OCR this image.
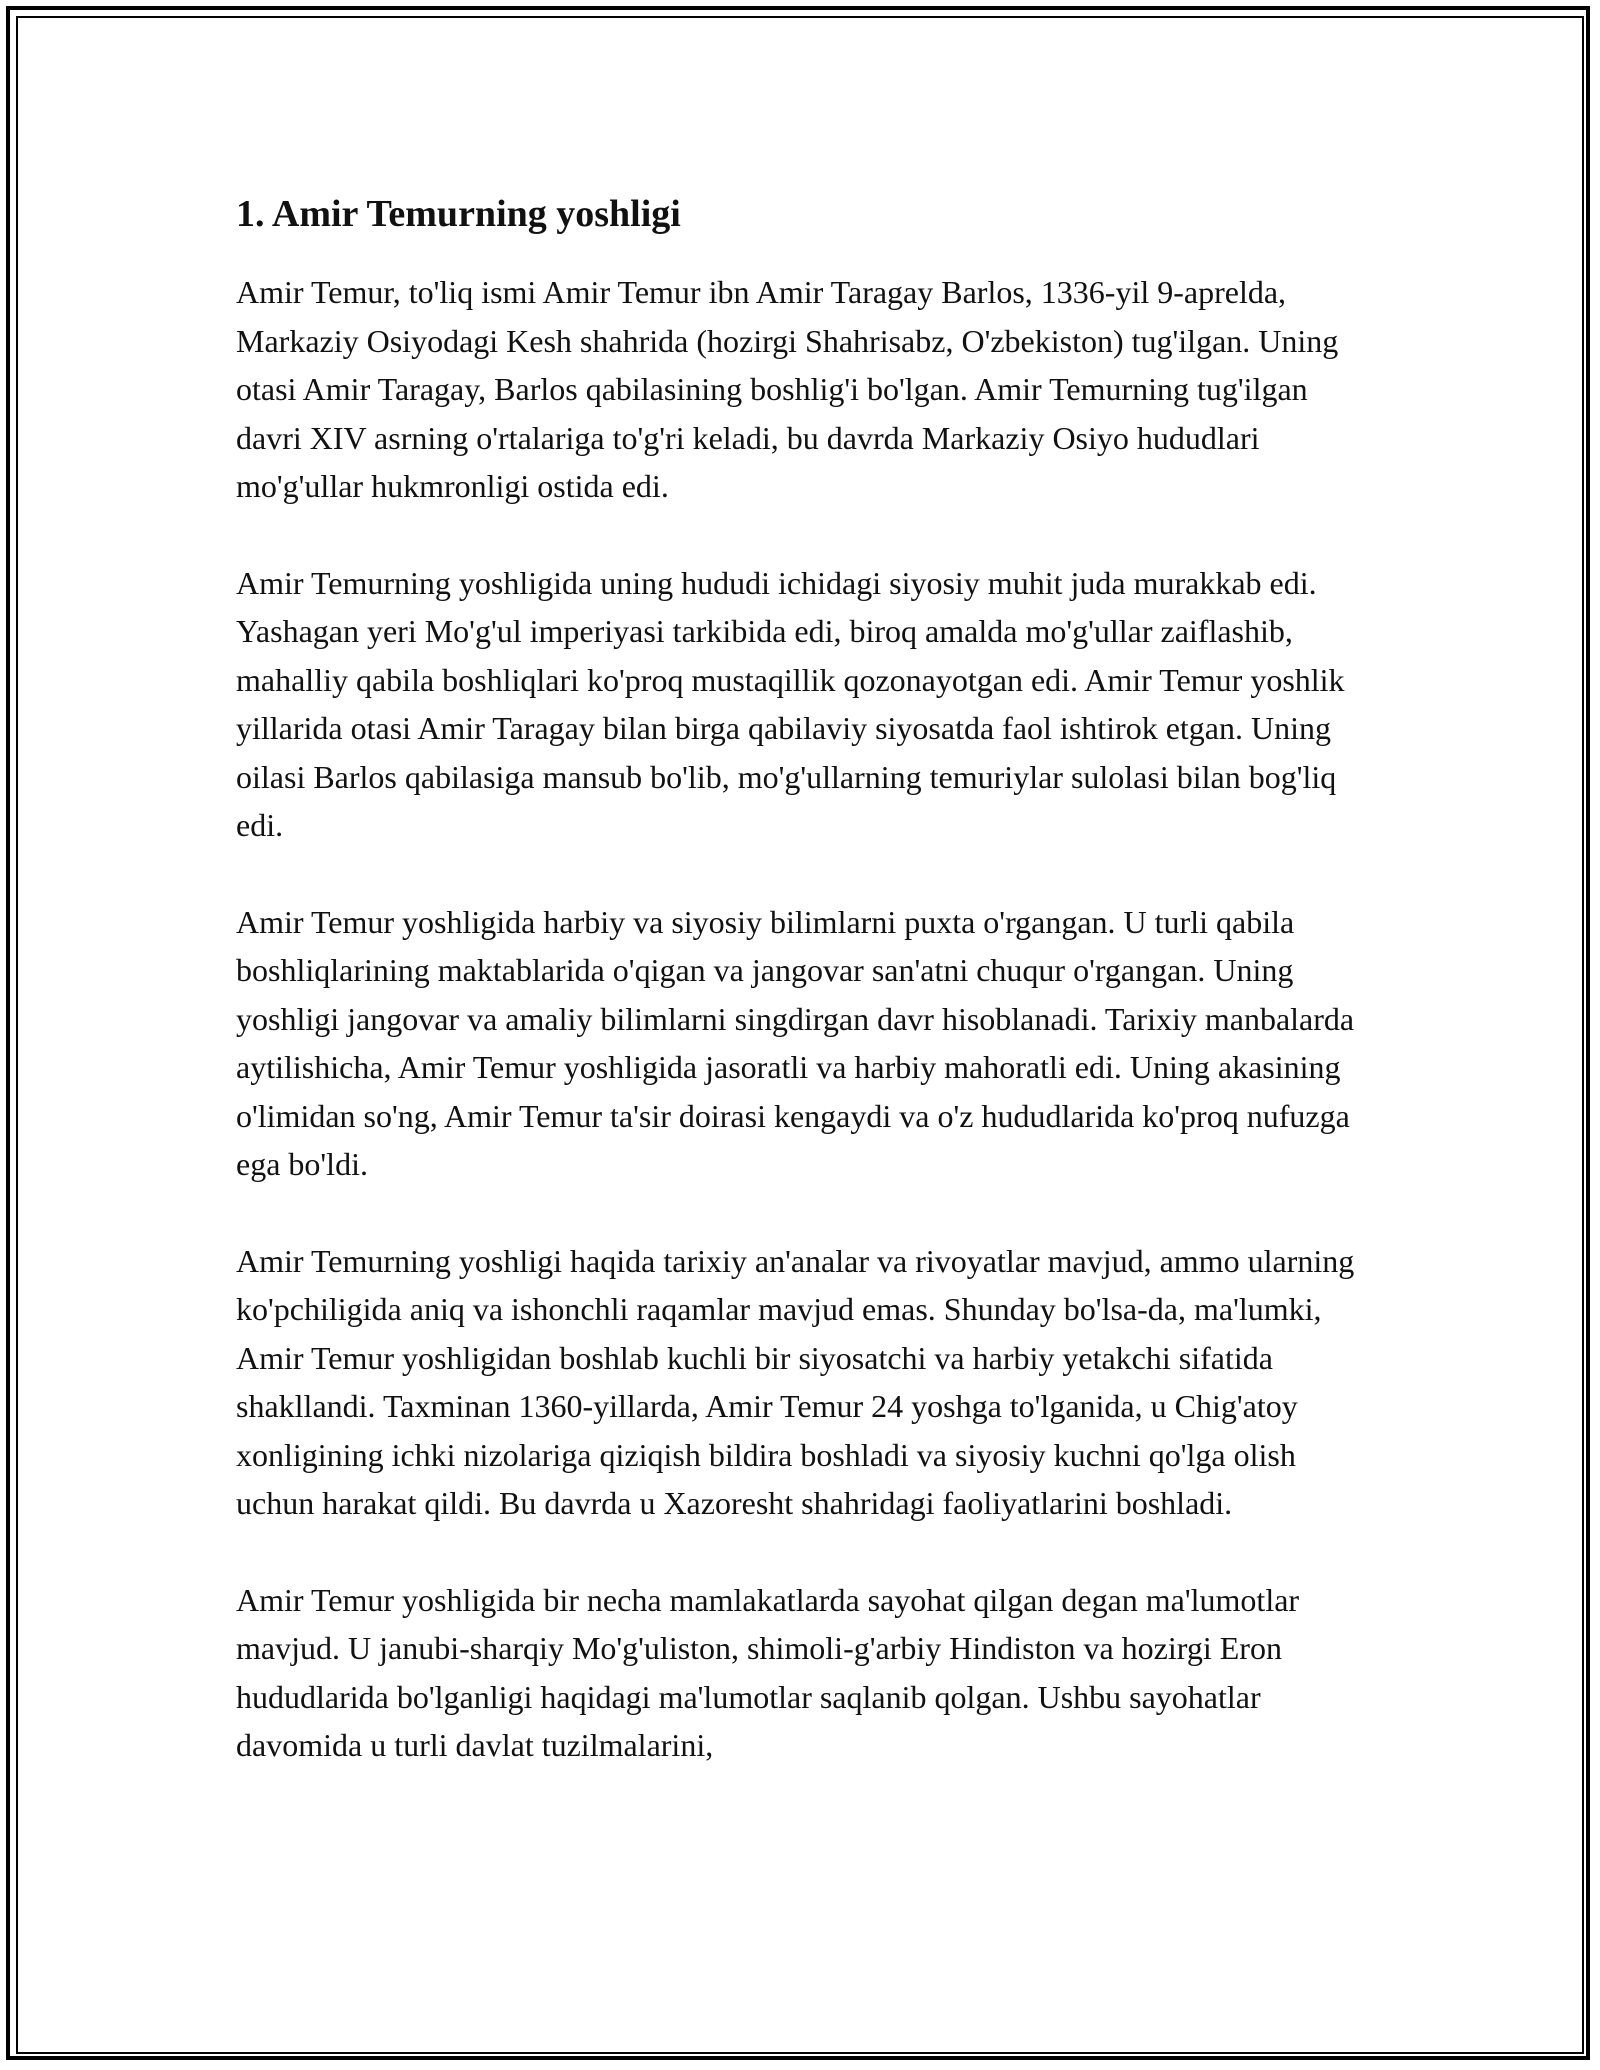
1. Amir Temurning yoshligi

Amir Temur, to'liq ismi Amir Temur ibn Amir Taragay Barlos, 1336-yil 9-aprelda, Markaziy Osiyodagi Kesh shahrida (hozirgi Shahrisabz, O'zbekiston) tug'ilgan. Uning otasi Amir Taragay, Barlos qabilasining boshlig'i bo'lgan. Amir Temurning tug'ilgan davri XIV asrning o'rtalariga to'g'ri keladi, bu davrda Markaziy Osiyo hududlari mo'g'ullar hukmronligi ostida edi.

Amir Temurning yoshligida uning hududi ichidagi siyosiy muhit juda murakkab edi. Yashagan yeri Mo'g'ul imperiyasi tarkibida edi, biroq amalda mo'g'ullar zaiflashib, mahalliy qabila boshliqlari ko'proq mustaqillik qozonayotgan edi. Amir Temur yoshlik yillarida otasi Amir Taragay bilan birga qabilaviy siyosatda faol ishtirok etgan. Uning oilasi Barlos qabilasiga mansub bo'lib, mo'g'ullarning temuriylar sulolasi bilan bog'liq edi.

Amir Temur yoshligida harbiy va siyosiy bilimlarni puxta o'rgangan. U turli qabila boshliqlarining maktablarida o'qigan va jangovar san'atni chuqur o'rgangan. Uning yoshligi jangovar va amaliy bilimlarni singdirgan davr hisoblanadi. Tarixiy manbalarda aytilishicha, Amir Temur yoshligida jasoratli va harbiy mahoratli edi. Uning akasining o'limidan so'ng, Amir Temur ta'sir doirasi kengaydi va o'z hududlarida ko'proq nufuzga ega bo'ldi.

Amir Temurning yoshligi haqida tarixiy an'analar va rivoyatlar mavjud, ammo ularning ko'pchiligida aniq va ishonchli raqamlar mavjud emas. Shunday bo'lsa-da, ma'lumki, Amir Temur yoshligidan boshlab kuchli bir siyosatchi va harbiy yetakchi sifatida shakllandi. Taxminan 1360-yillarda, Amir Temur 24 yoshga to'lganida, u Chig'atoy xonligining ichki nizolariga qiziqish bildira boshladi va siyosiy kuchni qo'lga olish uchun harakat qildi. Bu davrda u Xazoresht shahridagi faoliyatlarini boshladi.

Amir Temur yoshligida bir necha mamlakatlarda sayohat qilgan degan ma'lumotlar mavjud. U janubi-sharqiy Mo'g'uliston, shimoli-g'arbiy Hindiston va hozirgi Eron hududlarida bo'lganligi haqidagi ma'lumotlar saqlanib qolgan. Ushbu sayohatlar davomida u turli davlat tuzilmalarini,
